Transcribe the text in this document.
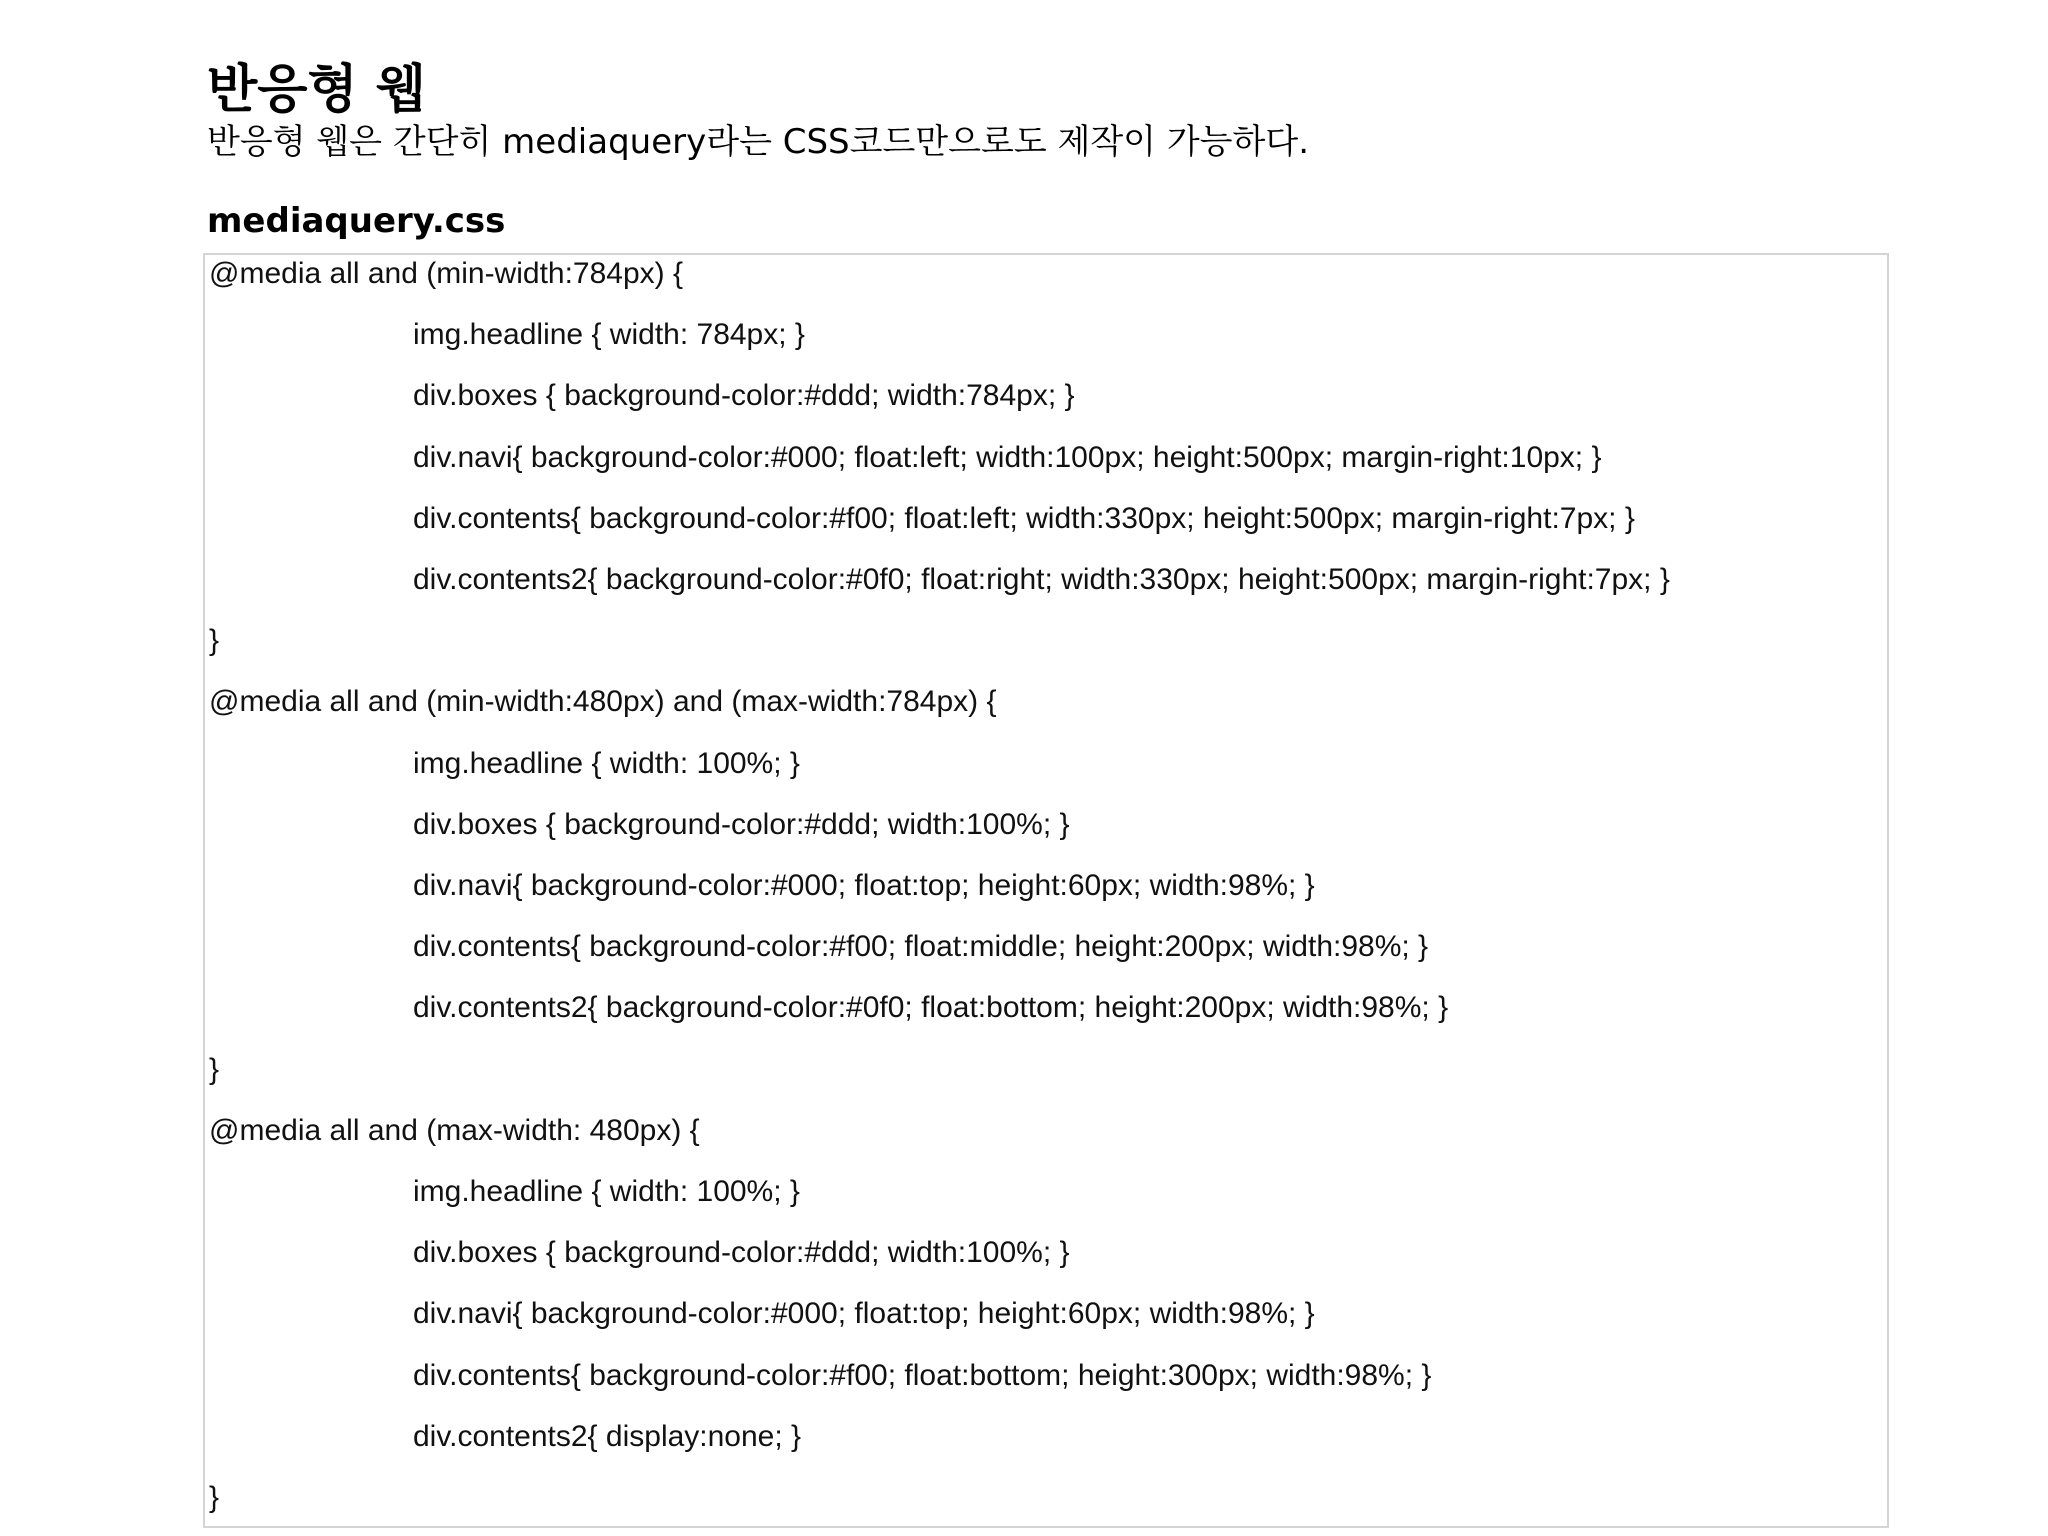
반응형 웹

반응형 웹은 간단히 mediaquery라는 CSS코드만으로도 제작이 가능하다.

mediaquery.css
@media all and (min-width:784px) {
img.headline { width: 784px; }
div.boxes { background-color:#ddd; width:784px; }
div.navi{ background-color:#000; float:left; width:100px; height:500px; margin-right:10px; }
div.contents{ background-color:#f00; float:left; width:330px; height:500px; margin-right:7px; }
div.contents2{ background-color:#0f0; float:right; width:330px; height:500px; margin-right:7px; }
}
@media all and (min-width:480px) and (max-width:784px) {
img.headline { width: 100%; }
div.boxes { background-color:#ddd; width:100%; }
div.navi{ background-color:#000; float:top; height:60px; width:98%; }
div.contents{ background-color:#f00; float:middle; height:200px; width:98%; }
div.contents2{ background-color:#0f0; float:bottom; height:200px; width:98%; }
}
@media all and (max-width: 480px) {
img.headline { width: 100%; }
div.boxes { background-color:#ddd; width:100%; }
div.navi{ background-color:#000; float:top; height:60px; width:98%; }
div.contents{ background-color:#f00; float:bottom; height:300px; width:98%; }
div.contents2{ display:none; }
}
